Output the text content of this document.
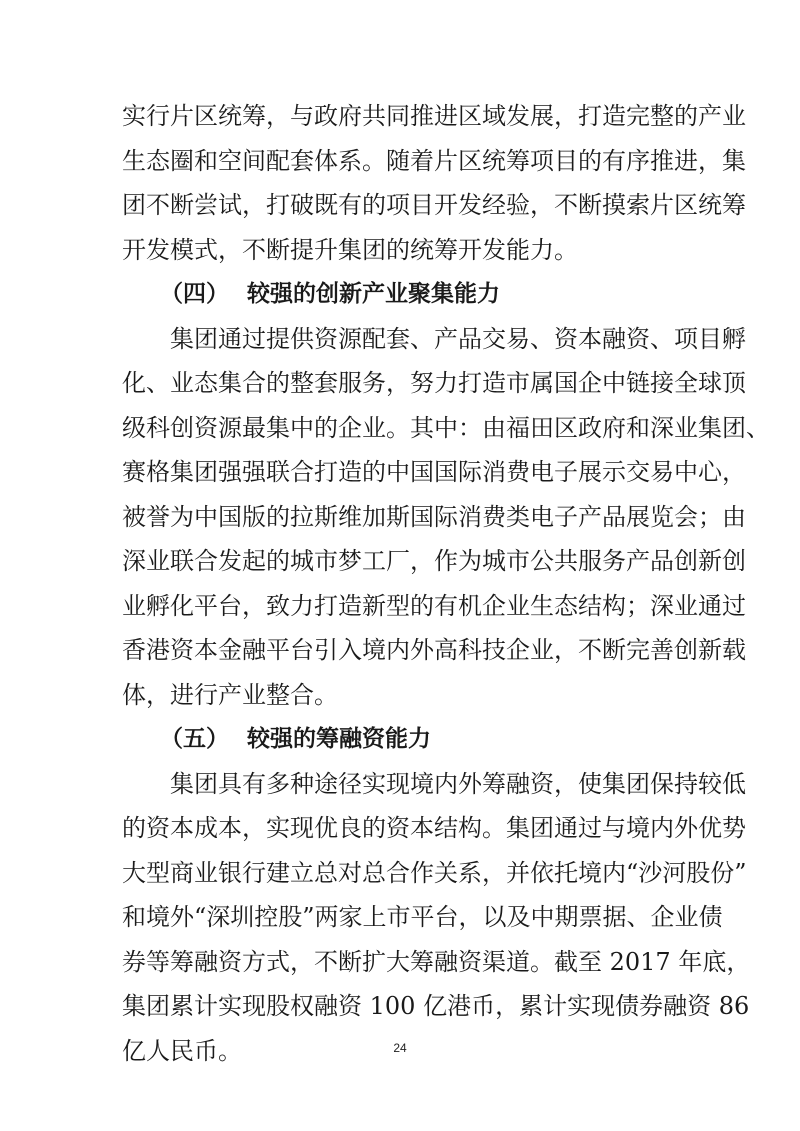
实行片区统筹，与政府共同推进区域发展，打造完整的产业
生态圈和空间配套体系。随着片区统筹项目的有序推进，集
团不断尝试，打破既有的项目开发经验，不断摸索片区统筹
开发模式，不断提升集团的统筹开发能力。
（四） 较强的创新产业聚集能力
集团通过提供资源配套、产品交易、资本融资、项目孵
化、业态集合的整套服务，努力打造市属国企中链接全球顶
级科创资源最集中的企业。其中：由福田区政府和深业集团、
赛格集团强强联合打造的中国国际消费电子展示交易中心，
被誉为中国版的拉斯维加斯国际消费类电子产品展览会；由
深业联合发起的城市梦工厂，作为城市公共服务产品创新创
业孵化平台，致力打造新型的有机企业生态结构；深业通过
香港资本金融平台引入境内外高科技企业，不断完善创新载
体，进行产业整合。
（五） 较强的筹融资能力
集团具有多种途径实现境内外筹融资，使集团保持较低
的资本成本，实现优良的资本结构。集团通过与境内外优势
大型商业银行建立总对总合作关系，并依托境内“沙河股份”
和境外“深圳控股”两家上市平台，以及中期票据、企业债
券等筹融资方式，不断扩大筹融资渠道。截至 2017 年底，
集团累计实现股权融资 100 亿港币，累计实现债券融资 86
24
亿人民币。
